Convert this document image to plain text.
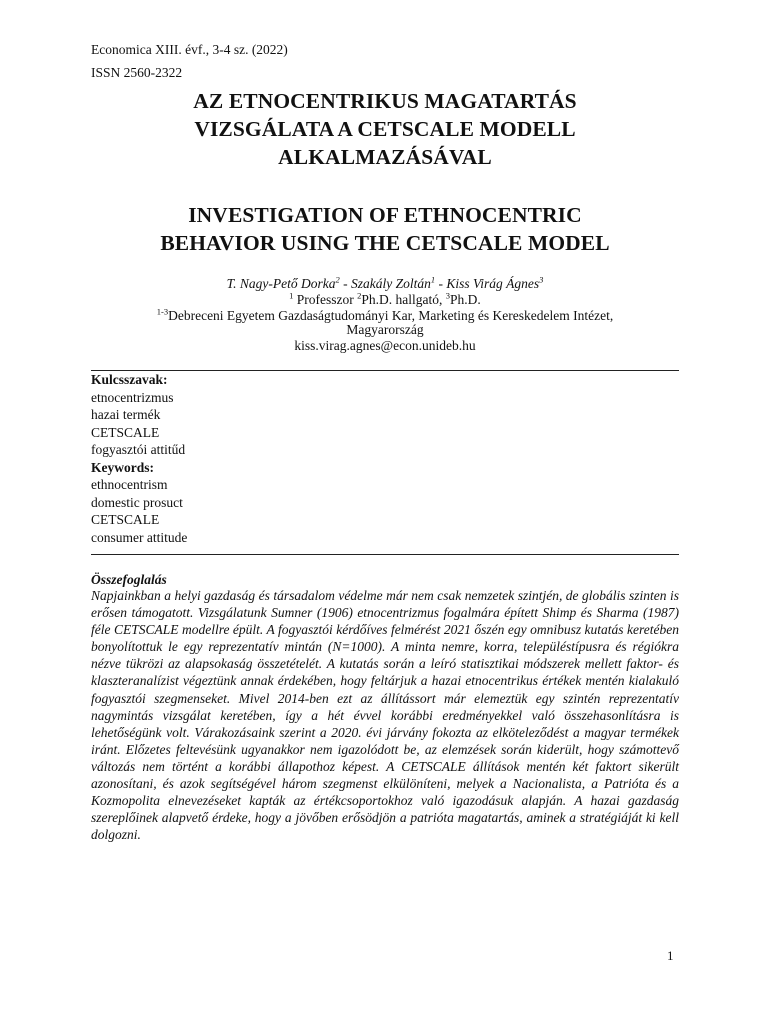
Economica XIII. évf., 3-4 sz. (2022)
ISSN 2560-2322
AZ ETNOCENTRIKUS MAGATARTÁS
VIZSGÁLATA A CETSCALE MODELL
ALKALMAZÁSÁVAL
INVESTIGATION OF ETHNOCENTRIC
BEHAVIOR USING THE CETSCALE MODEL
T. Nagy-Pető Dorka$^2$ - Szakály Zoltán$^1$ - Kiss Virág Ágnes$^3$
$^1$ Professzor $^2$Ph.D. hallgató, $^3$Ph.D.
$^{1-3}$Debreceni Egyetem Gazdaságtudományi Kar, Marketing és Kereskedelem Intézet,
Magyarország
kiss.virag.agnes@econ.unideb.hu
Kulcsszavak:
etnocentrizmus
hazai termék
CETSCALE
fogyasztói attitűd
Keywords:
ethnocentrism
domestic prosuct
CETSCALE
consumer attitude
Összefoglalás
Napjainkban a helyi gazdaság és társadalom védelme már nem csak nemzetek szintjén, de globális szinten is erősen támogatott. Vizsgálatunk Sumner (1906) etnocentrizmus fogalmára épített Shimp és Sharma (1987) féle CETSCALE modellre épült. A fogyasztói kérdőíves felmérést 2021 őszén egy omnibusz kutatás keretében bonyolítottuk le egy reprezentatív mintán (N=1000). A minta nemre, korra, településtípusra és régiókra nézve tükrözi az alapsokaság összetételét. A kutatás során a leíró statisztikai módszerek mellett faktor- és klaszteranalízist végeztünk annak érdekében, hogy feltárjuk a hazai etnocentrikus értékek mentén kialakuló fogyasztói szegmenseket. Mivel 2014-ben ezt az állítássort már elemeztük egy szintén reprezentatív nagymintás vizsgálat keretében, így a hét évvel korábbi eredményekkel való összehasonlításra is lehetőségünk volt. Várakozásaink szerint a 2020. évi járvány fokozta az elköteleződést a magyar termékek iránt. Előzetes feltevésünk ugyanakkor nem igazolódott be, az elemzések során kiderült, hogy számottevő változás nem történt a korábbi állapothoz képest. A CETSCALE állítások mentén két faktort sikerült azonosítani, és azok segítségével három szegmenst elkülöníteni, melyek a Nacionalista, a Patrióta és a Kozmopolita elnevezéseket kapták az értékcsoportokhoz való igazodásuk alapján. A hazai gazdaság szereplőinek alapvető érdeke, hogy a jövőben erősödjön a patrióta magatartás, aminek a stratégiáját ki kell dolgozni.
1
